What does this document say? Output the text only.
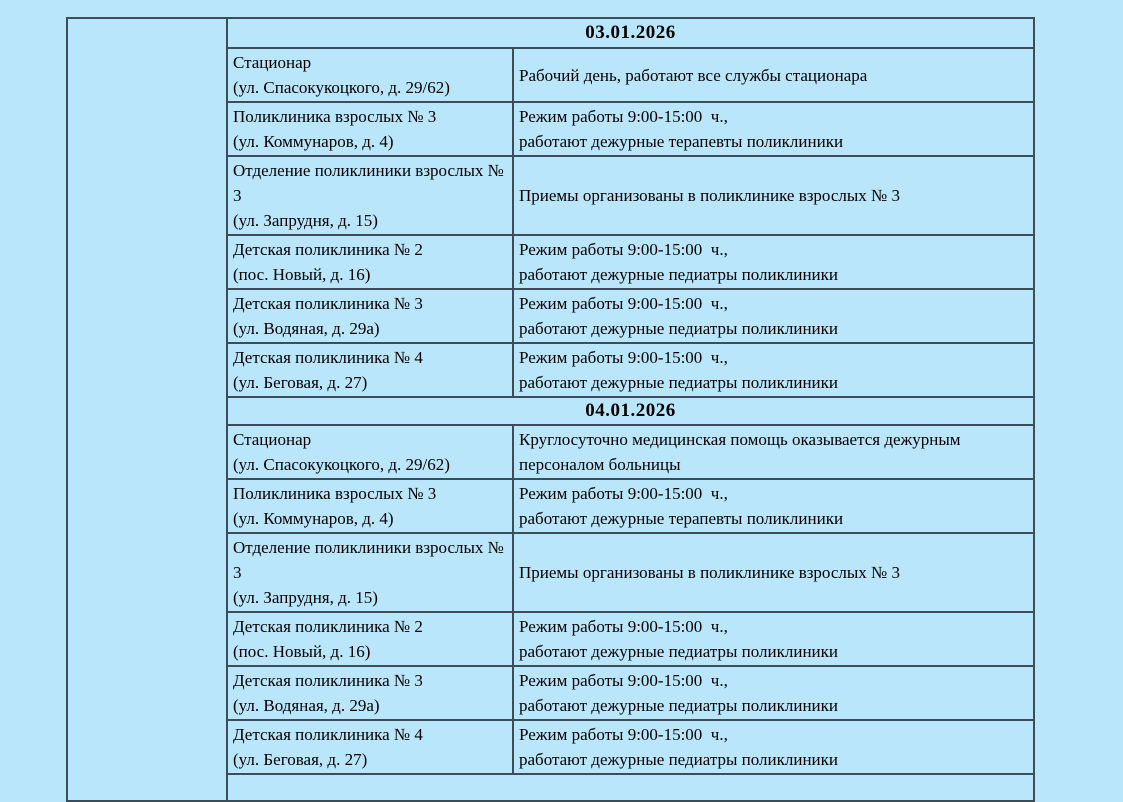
03.01.2026
Стационар
(ул. Спасокукоцкого, д. 29/62)
Рабочий день, работают все службы стационара
Поликлиника взрослых № 3
(ул. Коммунаров, д. 4)
Режим работы 9:00-15:00  ч.,
работают дежурные терапевты поликлиники
Отделение поликлиники взрослых № 3
(ул. Запрудня, д. 15)
Приемы организованы в поликлинике взрослых № 3
Детская поликлиника № 2
(пос. Новый, д. 16)
Режим работы 9:00-15:00  ч.,
работают дежурные педиатры поликлиники
Детская поликлиника № 3
(ул. Водяная, д. 29а)
Режим работы 9:00-15:00  ч.,
работают дежурные педиатры поликлиники
Детская поликлиника № 4
(ул. Беговая, д. 27)
Режим работы 9:00-15:00  ч.,
работают дежурные педиатры поликлиники
04.01.2026
Стационар
(ул. Спасокукоцкого, д. 29/62)
Круглосуточно медицинская помощь оказывается дежурным персоналом больницы
Поликлиника взрослых № 3
(ул. Коммунаров, д. 4)
Режим работы 9:00-15:00  ч.,
работают дежурные терапевты поликлиники
Отделение поликлиники взрослых № 3
(ул. Запрудня, д. 15)
Приемы организованы в поликлинике взрослых № 3
Детская поликлиника № 2
(пос. Новый, д. 16)
Режим работы 9:00-15:00  ч.,
работают дежурные педиатры поликлиники
Детская поликлиника № 3
(ул. Водяная, д. 29а)
Режим работы 9:00-15:00  ч.,
работают дежурные педиатры поликлиники
Детская поликлиника № 4
(ул. Беговая, д. 27)
Режим работы 9:00-15:00  ч.,
работают дежурные педиатры поликлиники
